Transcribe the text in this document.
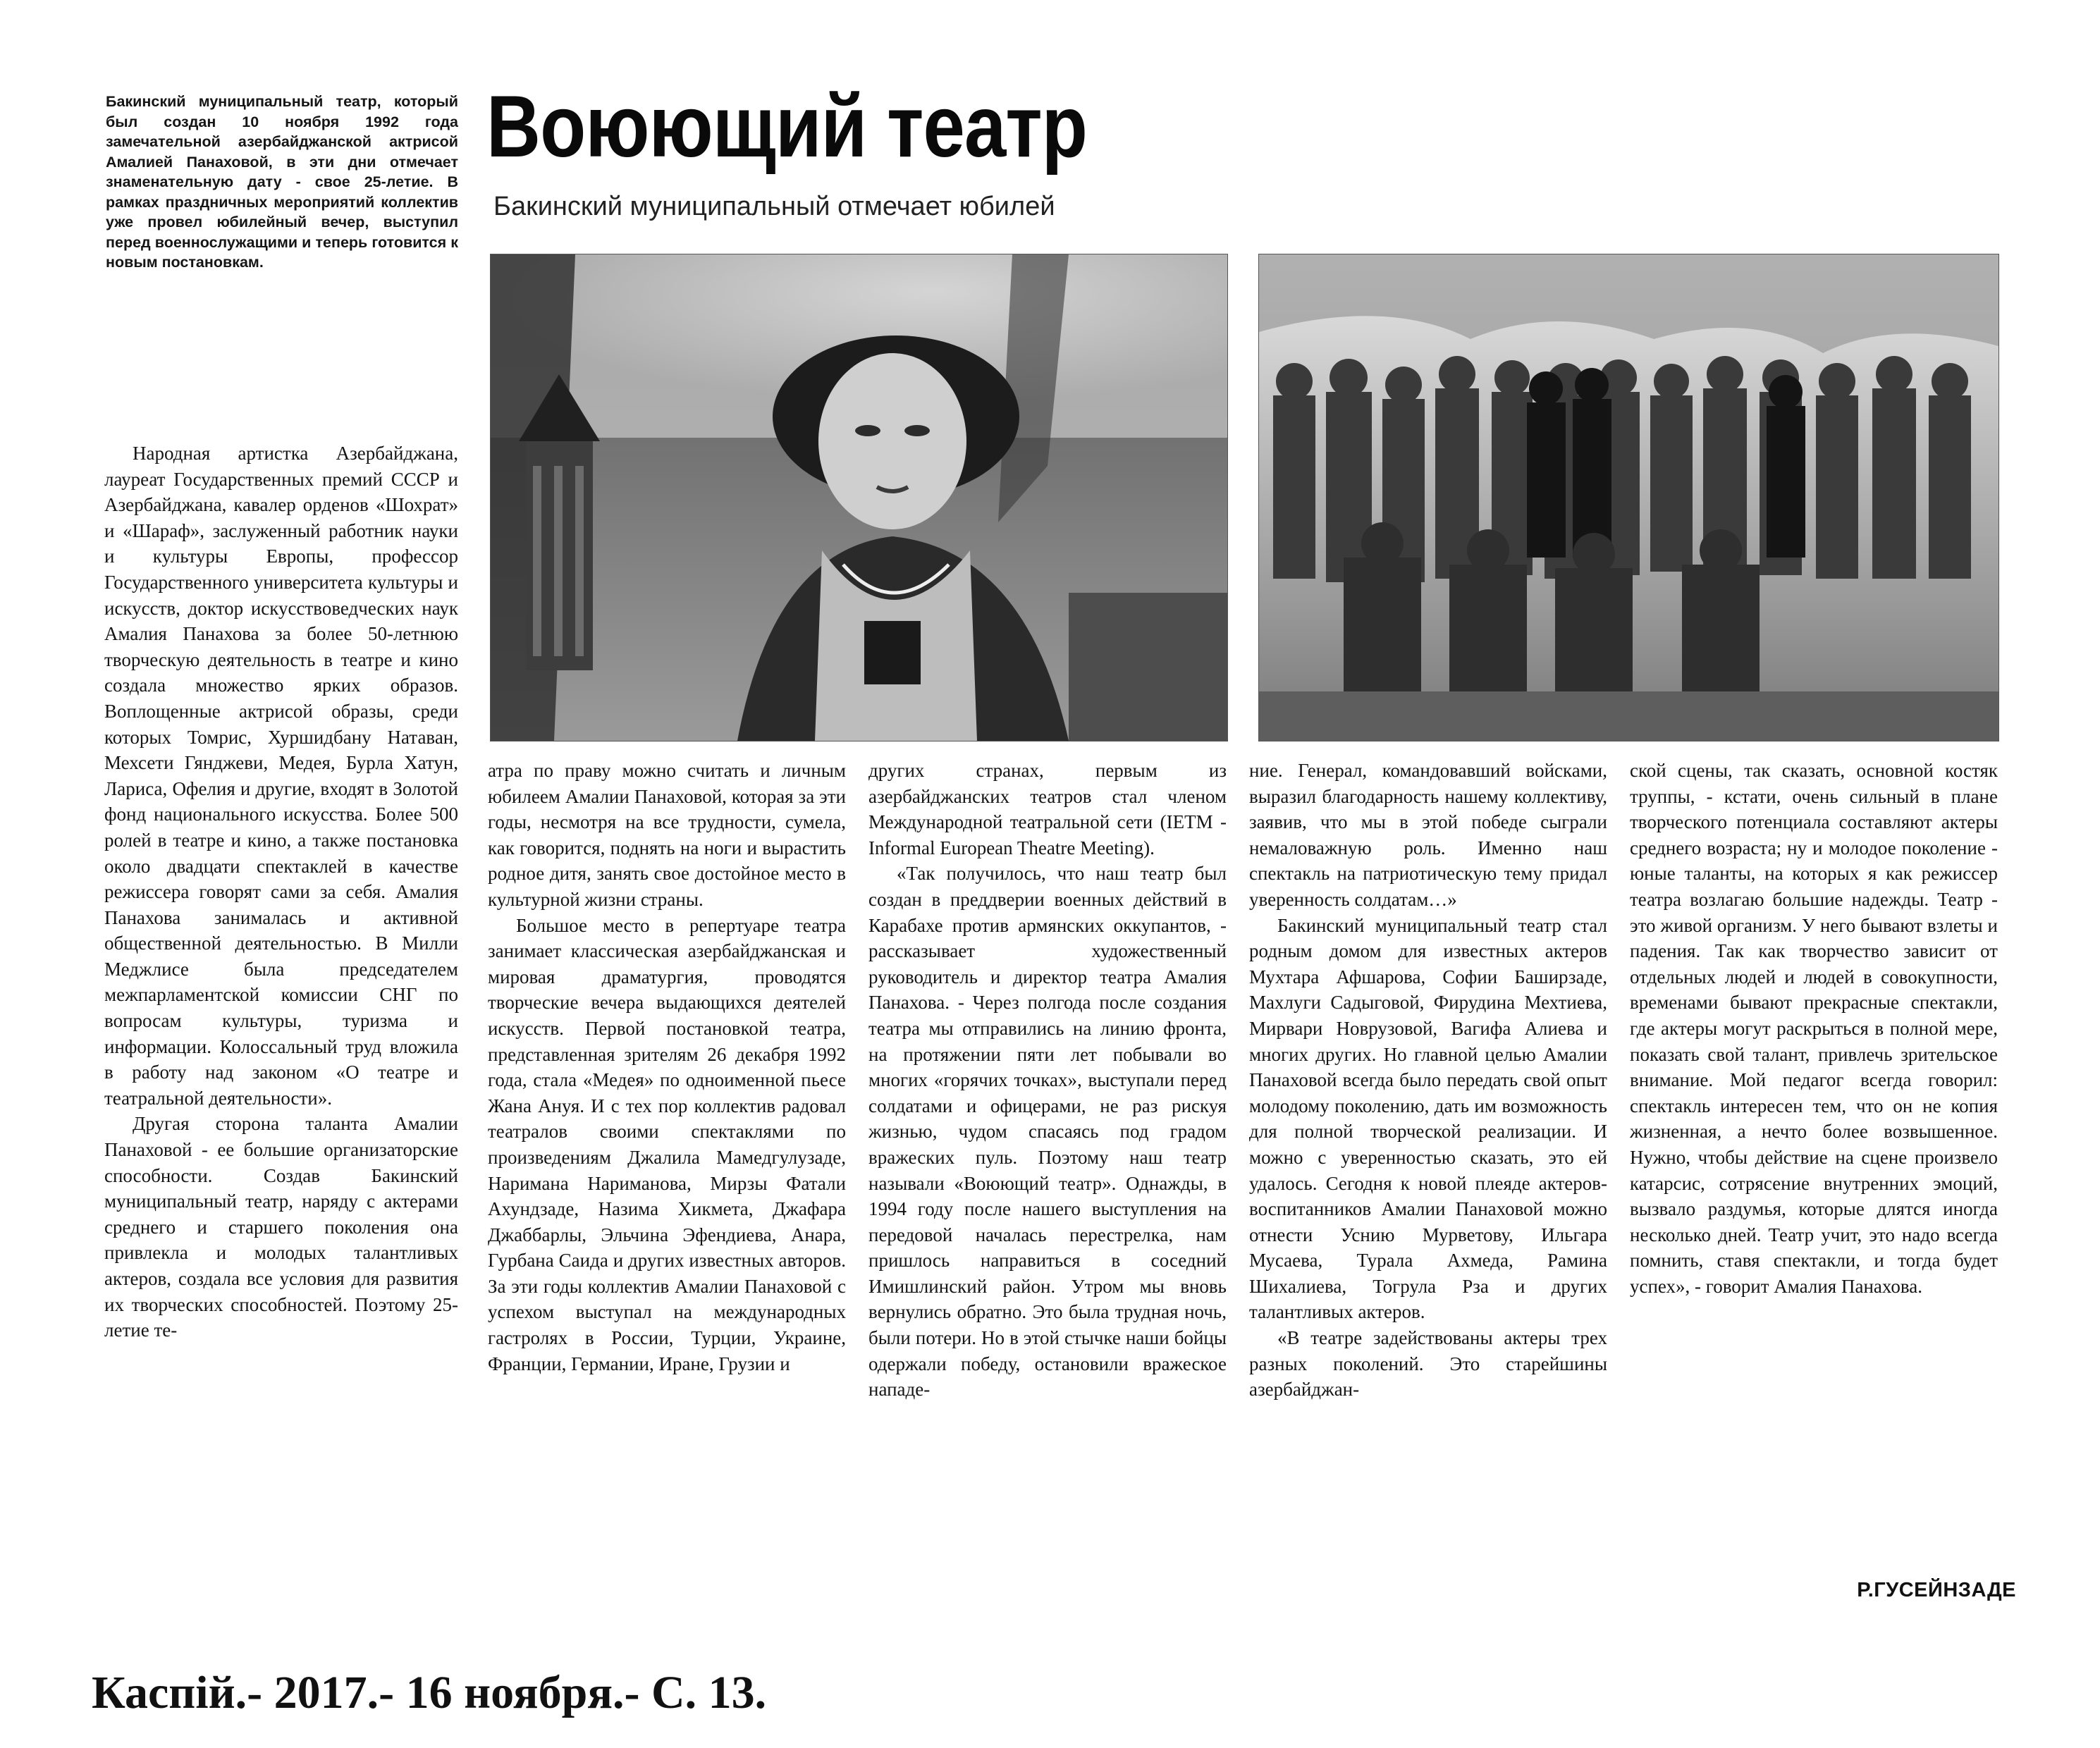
Бакинский муниципальный театр, который был создан 10 ноября 1992 года замечательной азербайджанской актрисой Амалией Панаховой, в эти дни отмечает знаменательную дату - свое 25-летие. В рамках праздничных мероприятий коллектив уже провел юбилейный вечер, выступил перед военнослужащими и теперь готовится к новым постановкам.
Воюющий театр
Бакинский муниципальный отмечает юбилей

Народная артистка Азербайджана, лауреат Государственных премий СССР и Азербайджана, кавалер орденов «Шохрат» и «Шараф», заслуженный работник науки и культуры Европы, профессор Государственного университета культуры и искусств, доктор искусствоведческих наук Амалия Панахова за более 50-летнюю творческую деятельность в театре и кино создала множество ярких образов. Воплощенные актрисой образы, среди которых Томрис, Хуршидбану Натаван, Мехсети Гянджеви, Медея, Бурла Хатун, Лариса, Офелия и другие, входят в Золотой фонд национального искусства. Более 500 ролей в театре и кино, а также постановка около двадцати спектаклей в качестве режиссера говорят сами за себя. Амалия Панахова занималась и активной общественной деятельностью. В Милли Меджлисе была председателем межпарламентской комиссии СНГ по вопросам культуры, туризма и информации. Колоссальный труд вложила в работу над законом «О театре и театральной деятельности».

Другая сторона таланта Амалии Панаховой - ее большие организаторские способности. Создав Бакинский муниципальный театр, наряду с актерами среднего и старшего поколения она привлекла и молодых талантливых актеров, создала все условия для развития их творческих способностей. Поэтому 25-летие те-

атра по праву можно считать и личным юбилеем Амалии Панаховой, которая за эти годы, несмотря на все трудности, сумела, как говорится, поднять на ноги и вырастить родное дитя, занять свое достойное место в культурной жизни страны.

Большое место в репертуаре театра занимает классическая азербайджанская и мировая драматургия, проводятся творческие вечера выдающихся деятелей искусств. Первой постановкой театра, представленная зрителям 26 декабря 1992 года, стала «Медея» по одноименной пьесе Жана Ануя. И с тех пор коллектив радовал театралов своими спектаклями по произведениям Джалила Мамедгулузаде, Наримана Нариманова, Мирзы Фатали Ахундзаде, Назима Хикмета, Джафара Джаббарлы, Эльчина Эфендиева, Анара, Гурбана Саида и других известных авторов. За эти годы коллектив Амалии Панаховой с успехом выступал на международных гастролях в России, Турции, Украине, Франции, Германии, Иране, Грузии и

других странах, первым из азербайджанских театров стал членом Международной театральной сети (IETM - Informal European Theatre Meeting).

«Так получилось, что наш театр был создан в преддверии военных действий в Карабахе против армянских оккупантов, - рассказывает художественный руководитель и директор театра Амалия Панахова. - Через полгода после создания театра мы отправились на линию фронта, на протяжении пяти лет побывали во многих «горячих точках», выступали перед солдатами и офицерами, не раз рискуя жизнью, чудом спасаясь под градом вражеских пуль. Поэтому наш театр называли «Воюющий театр». Однажды, в 1994 году после нашего выступления на передовой началась перестрелка, нам пришлось направиться в соседний Имишлинский район. Утром мы вновь вернулись обратно. Это была трудная ночь, были потери. Но в этой стычке наши бойцы одержали победу, остановили вражеское нападе-

ние. Генерал, командовавший войсками, выразил благодарность нашему коллективу, заявив, что мы в этой победе сыграли немаловажную роль. Именно наш спектакль на патриотическую тему придал уверенность солдатам…»

Бакинский муниципальный театр стал родным домом для известных актеров Мухтара Афшарова, Софии Баширзаде, Махлуги Садыговой, Фирудина Мехтиева, Мирвари Новрузовой, Вагифа Алиева и многих других. Но главной целью Амалии Панаховой всегда было передать свой опыт молодому поколению, дать им возможность для полной творческой реализации. И можно с уверенностью сказать, это ей удалось. Сегодня к новой плеяде актеров-воспитанников Амалии Панаховой можно отнести Уснию Мурветову, Ильгара Мусаева, Турала Ахмеда, Рамина Шихалиева, Тогрула Рза и других талантливых актеров.

«В театре задействованы актеры трех разных поколений. Это старейшины азербайджан-

ской сцены, так сказать, основной костяк труппы, - кстати, очень сильный в плане творческого потенциала составляют актеры среднего возраста; ну и молодое поколение - юные таланты, на которых я как режиссер театра возлагаю большие надежды. Театр - это живой организм. У него бывают взлеты и падения. Так как творчество зависит от отдельных людей и людей в совокупности, временами бывают прекрасные спектакли, где актеры могут раскрыться в полной мере, показать свой талант, привлечь зрительское внимание. Мой педагог всегда говорил: спектакль интересен тем, что он не копия жизненная, а нечто более возвышенное. Нужно, чтобы действие на сцене произвело катарсис, сотрясение внутренних эмоций, вызвало раздумья, которые длятся иногда несколько дней. Театр учит, это надо всегда помнить, ставя спектакли, и тогда будет успех», - говорит Амалия Панахова.

Р.ГУСЕЙНЗАДЕ
Каспій.- 2017.- 16 ноября.- С. 13.
